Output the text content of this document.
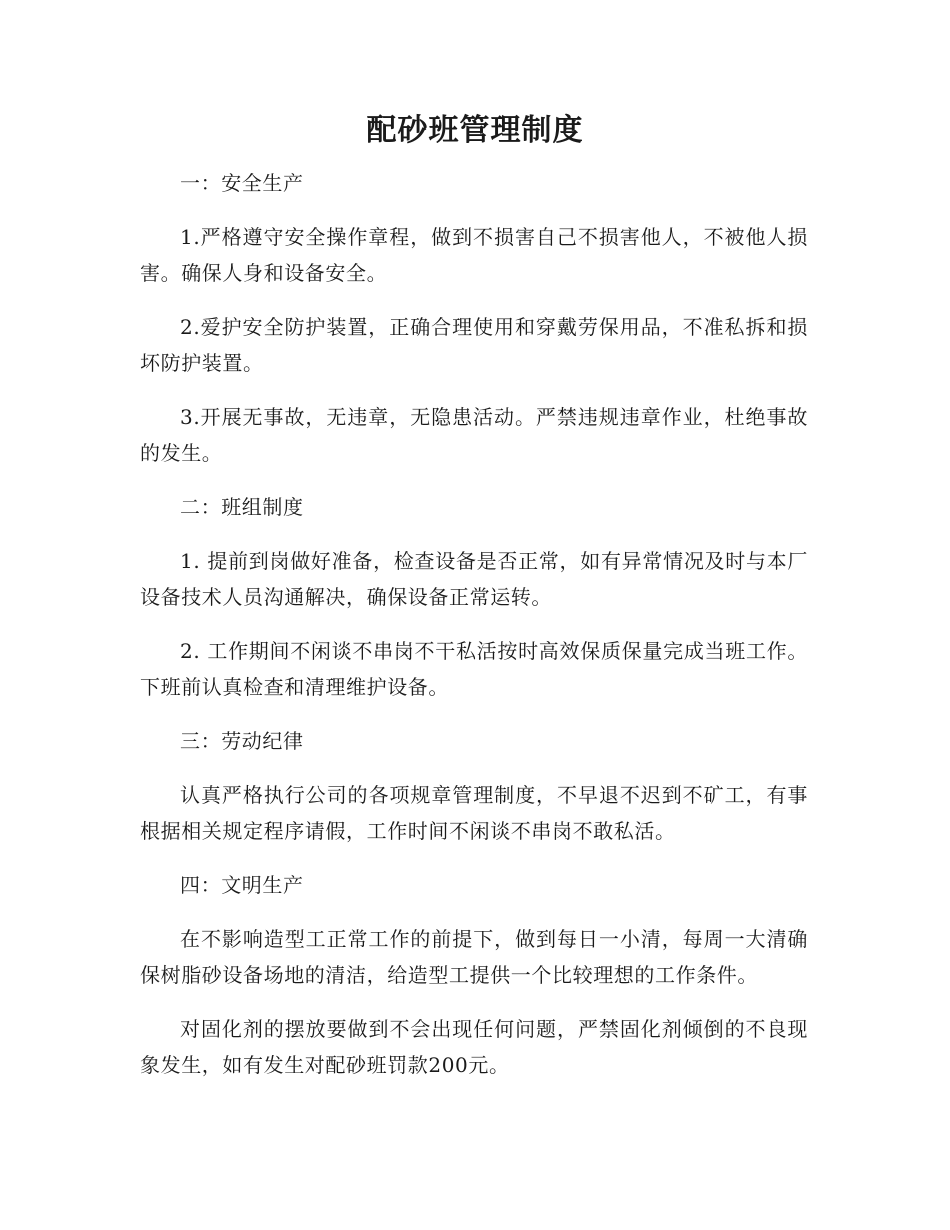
配砂班管理制度

一：安全生产

1.严格遵守安全操作章程，做到不损害自己不损害他人，不被他人损害。确保人身和设备安全。

2.爱护安全防护装置，正确合理使用和穿戴劳保用品，不准私拆和损坏防护装置。

3.开展无事故，无违章，无隐患活动。严禁违规违章作业，杜绝事故的发生。

二：班组制度

1. 提前到岗做好准备，检查设备是否正常，如有异常情况及时与本厂设备技术人员沟通解决，确保设备正常运转。

2. 工作期间不闲谈不串岗不干私活按时高效保质保量完成当班工作。下班前认真检查和清理维护设备。

三：劳动纪律

认真严格执行公司的各项规章管理制度，不早退不迟到不矿工，有事根据相关规定程序请假，工作时间不闲谈不串岗不敢私活。

四：文明生产

在不影响造型工正常工作的前提下，做到每日一小清，每周一大清确保树脂砂设备场地的清洁，给造型工提供一个比较理想的工作条件。

对固化剂的摆放要做到不会出现任何问题，严禁固化剂倾倒的不良现象发生，如有发生对配砂班罚款200元。
